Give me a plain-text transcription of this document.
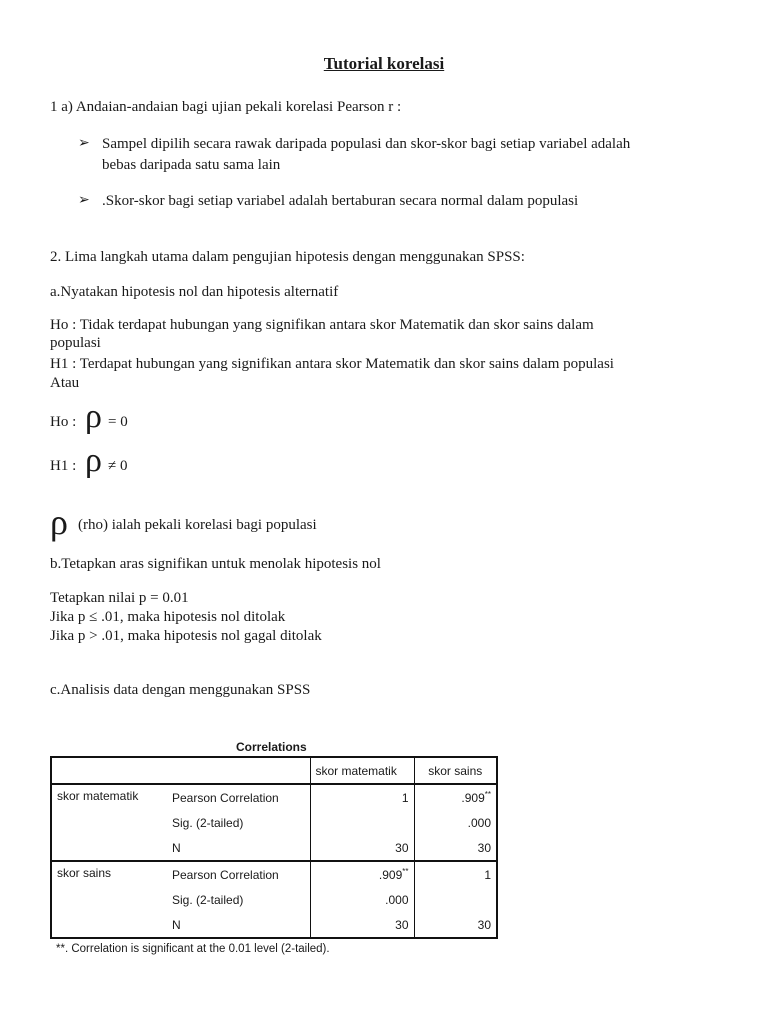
Tutorial korelasi
1 a) Andaian-andaian bagi ujian pekali korelasi Pearson r :
➢ Sampel dipilih secara rawak daripada populasi dan skor-skor bagi setiap variabel adalah
bebas daripada satu sama lain
➢ .Skor-skor bagi setiap variabel adalah bertaburan secara normal dalam populasi
2. Lima langkah utama dalam pengujian hipotesis dengan menggunakan SPSS:
a.Nyatakan hipotesis nol dan hipotesis alternatif
Ho : Tidak terdapat hubungan yang signifikan antara skor Matematik dan skor sains dalam
populasi
H1 : Terdapat hubungan yang signifikan antara skor Matematik dan skor sains dalam populasi
Atau
Ho : ρ = 0
H1 : ρ ≠ 0
ρ (rho) ialah pekali korelasi bagi populasi
b.Tetapkan aras signifikan untuk menolak hipotesis nol
Tetapkan nilai p = 0.01
Jika p ≤ .01, maka hipotesis nol ditolak
Jika p > .01, maka hipotesis nol gagal ditolak
c.Analisis data dengan menggunakan SPSS
Correlations
		skor matematik	skor sains
skor matematik	Pearson Correlation	1	.909**
	Sig. (2-tailed)		.000
	N	30	30
skor sains	Pearson Correlation	.909**	1
	Sig. (2-tailed)	.000	
	N	30	30
**. Correlation is significant at the 0.01 level (2-tailed).
